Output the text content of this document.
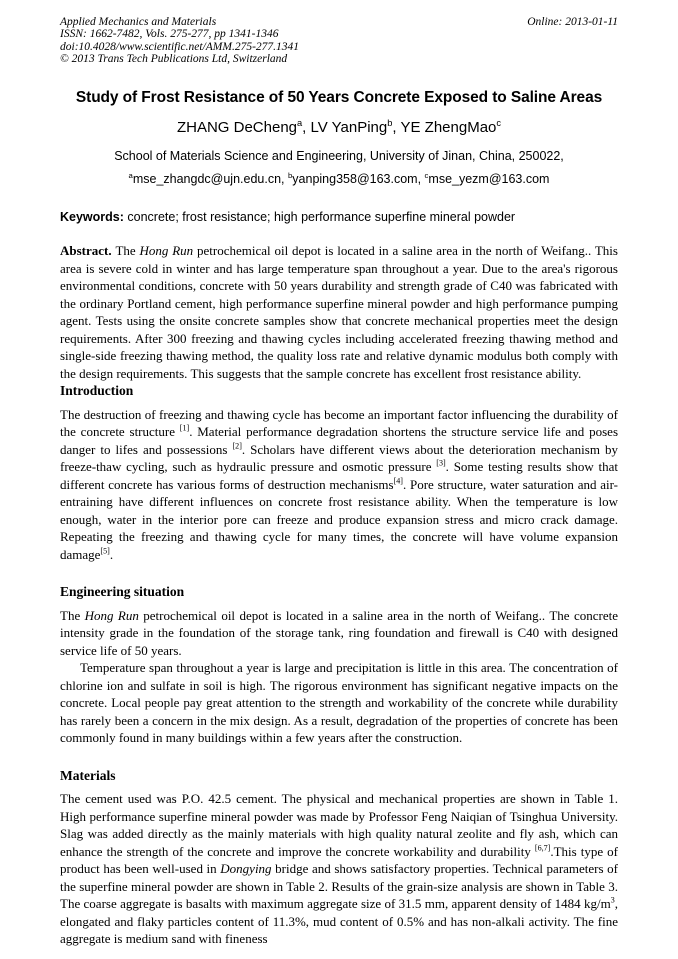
Applied Mechanics and Materials
ISSN: 1662-7482, Vols. 275-277, pp 1341-1346
doi:10.4028/www.scientific.net/AMM.275-277.1341
© 2013 Trans Tech Publications Ltd, Switzerland
Online: 2013-01-11
Study of Frost Resistance of 50 Years Concrete Exposed to Saline Areas
ZHANG DeCheng$^a$, LV YanPing$^b$, YE ZhengMao$^c$
School of Materials Science and Engineering, University of Jinan, China, 250022,
$^a$mse_zhangdc@ujn.edu.cn, $^b$yanping358@163.com, $^c$mse_yezm@163.com
Keywords: concrete; frost resistance; high performance superfine mineral powder

Abstract. The Hong Run petrochemical oil depot is located in a saline area in the north of Weifang.. This area is severe cold in winter and has large temperature span throughout a year. Due to the area's rigorous environmental conditions, concrete with 50 years durability and strength grade of C40 was fabricated with the ordinary Portland cement, high performance superfine mineral powder and high performance pumping agent. Tests using the onsite concrete samples show that concrete mechanical properties meet the design requirements. After 300 freezing and thawing cycles including accelerated freezing thawing method and single-side freezing thawing method, the quality loss rate and relative dynamic modulus both comply with the design requirements. This suggests that the sample concrete has excellent frost resistance ability.

Introduction

The destruction of freezing and thawing cycle has become an important factor influencing the durability of the concrete structure [1]. Material performance degradation shortens the structure service life and poses danger to lifes and possessions [2]. Scholars have different views about the deterioration mechanism by freeze-thaw cycling, such as hydraulic pressure and osmotic pressure [3]. Some testing results show that different concrete has various forms of destruction mechanisms[4]. Pore structure, water saturation and air-entraining have different influences on concrete frost resistance ability. When the temperature is low enough, water in the interior pore can freeze and produce expansion stress and micro crack damage. Repeating the freezing and thawing cycle for many times, the concrete will have volume expansion damage[5].

Engineering situation

The Hong Run petrochemical oil depot is located in a saline area in the north of Weifang.. The concrete intensity grade in the foundation of the storage tank, ring foundation and firewall is C40 with designed service life of 50 years.

Temperature span throughout a year is large and precipitation is little in this area. The concentration of chlorine ion and sulfate in soil is high. The rigorous environment has significant negative impacts on the concrete. Local people pay great attention to the strength and workability of the concrete while durability has rarely been a concern in the mix design. As a result, degradation of the properties of concrete has been commonly found in many buildings within a few years after the construction.

Materials

The cement used was P.O. 42.5 cement. The physical and mechanical properties are shown in Table 1. High performance superfine mineral powder was made by Professor Feng Naiqian of Tsinghua University. Slag was added directly as the mainly materials with high quality natural zeolite and fly ash, which can enhance the strength of the concrete and improve the concrete workability and durability [6,7].This type of product has been well-used in Dongying bridge and shows satisfactory properties. Technical parameters of the superfine mineral powder are shown in Table 2. Results of the grain-size analysis are shown in Table 3. The coarse aggregate is basalts with maximum aggregate size of 31.5 mm, apparent density of 1484 $kg/m^3$, elongated and flaky particles content of 11.3%, mud content of 0.5% and has non-alkali activity. The fine aggregate is medium sand with fineness
